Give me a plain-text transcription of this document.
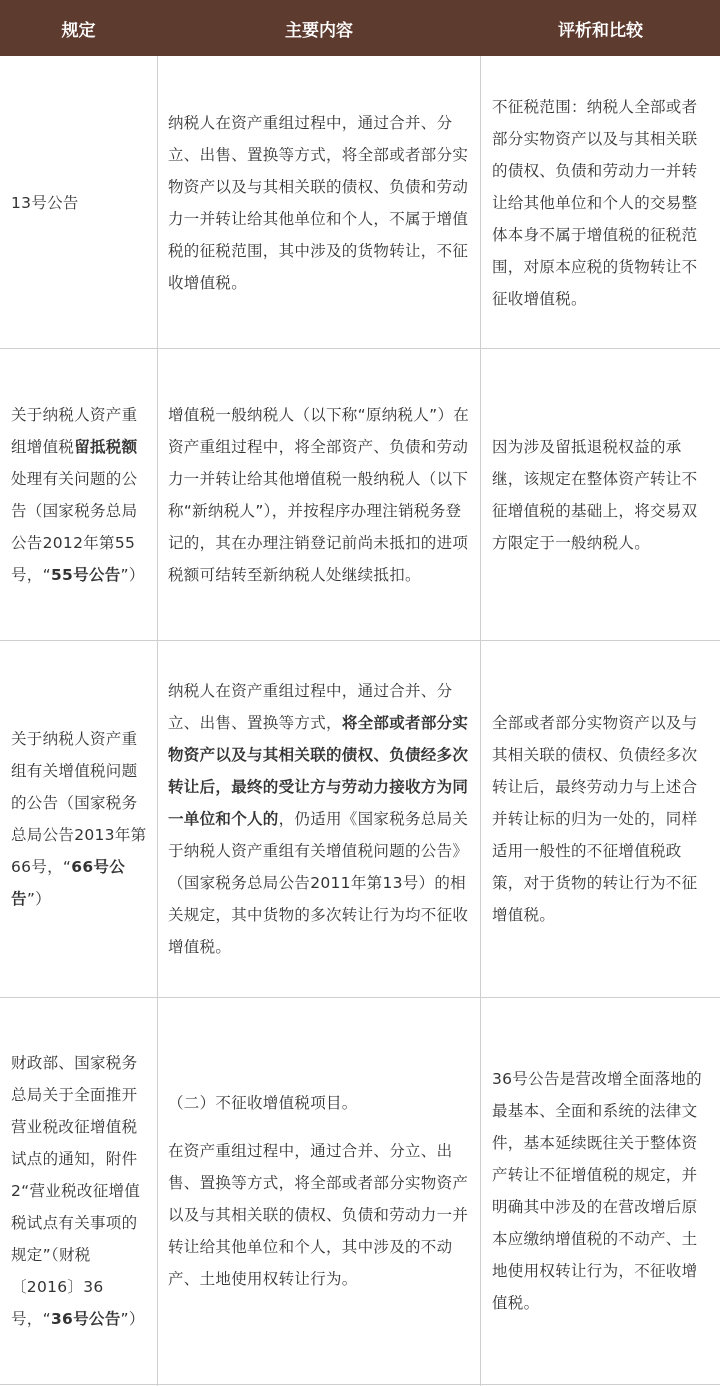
规定	主要内容	评析和比较

13号公告

纳税人在资产重组过程中，通过合并、分立、出售、置换等方式，将全部或者部分实物资产以及与其相关联的债权、负债和劳动力一并转让给其他单位和个人，不属于增值税的征税范围，其中涉及的货物转让，不征收增值税。

不征税范围：纳税人全部或者部分实物资产以及与其相关联的债权、负债和劳动力一并转让给其他单位和个人的交易整体本身不属于增值税的征税范围，对原本应税的货物转让不征收增值税。

关于纳税人资产重组增值税留抵税额处理有关问题的公告（国家税务总局公告2012年第55号，“55号公告”）

增值税一般纳税人（以下称“原纳税人”）在资产重组过程中，将全部资产、负债和劳动力一并转让给其他增值税一般纳税人（以下称“新纳税人”），并按程序办理注销税务登记的，其在办理注销登记前尚未抵扣的进项税额可结转至新纳税人处继续抵扣。

因为涉及留抵退税权益的承继，该规定在整体资产转让不征增值税的基础上，将交易双方限定于一般纳税人。

关于纳税人资产重组有关增值税问题的公告（国家税务总局公告2013年第66号，“66号公告”）

纳税人在资产重组过程中，通过合并、分立、出售、置换等方式，将全部或者部分实物资产以及与其相关联的债权、负债经多次转让后，最终的受让方与劳动力接收方为同一单位和个人的，仍适用《国家税务总局关于纳税人资产重组有关增值税问题的公告》（国家税务总局公告2011年第13号）的相关规定，其中货物的多次转让行为均不征收增值税。

全部或者部分实物资产以及与其相关联的债权、负债经多次转让后，最终劳动力与上述合并转让标的归为一处的，同样适用一般性的不征增值税政策，对于货物的转让行为不征增值税。

财政部、国家税务总局关于全面推开营业税改征增值税试点的通知，附件2“营业税改征增值税试点有关事项的规定”（财税〔2016〕36号，“36号公告”）

（二）不征收增值税项目。

在资产重组过程中，通过合并、分立、出售、置换等方式，将全部或者部分实物资产以及与其相关联的债权、负债和劳动力一并转让给其他单位和个人，其中涉及的不动产、土地使用权转让行为。

36号公告是营改增全面落地的最基本、全面和系统的法律文件，基本延续既往关于整体资产转让不征增值税的规定，并明确其中涉及的在营改增后原本应缴纳增值税的不动产、土地使用权转让行为，不征收增值税。
